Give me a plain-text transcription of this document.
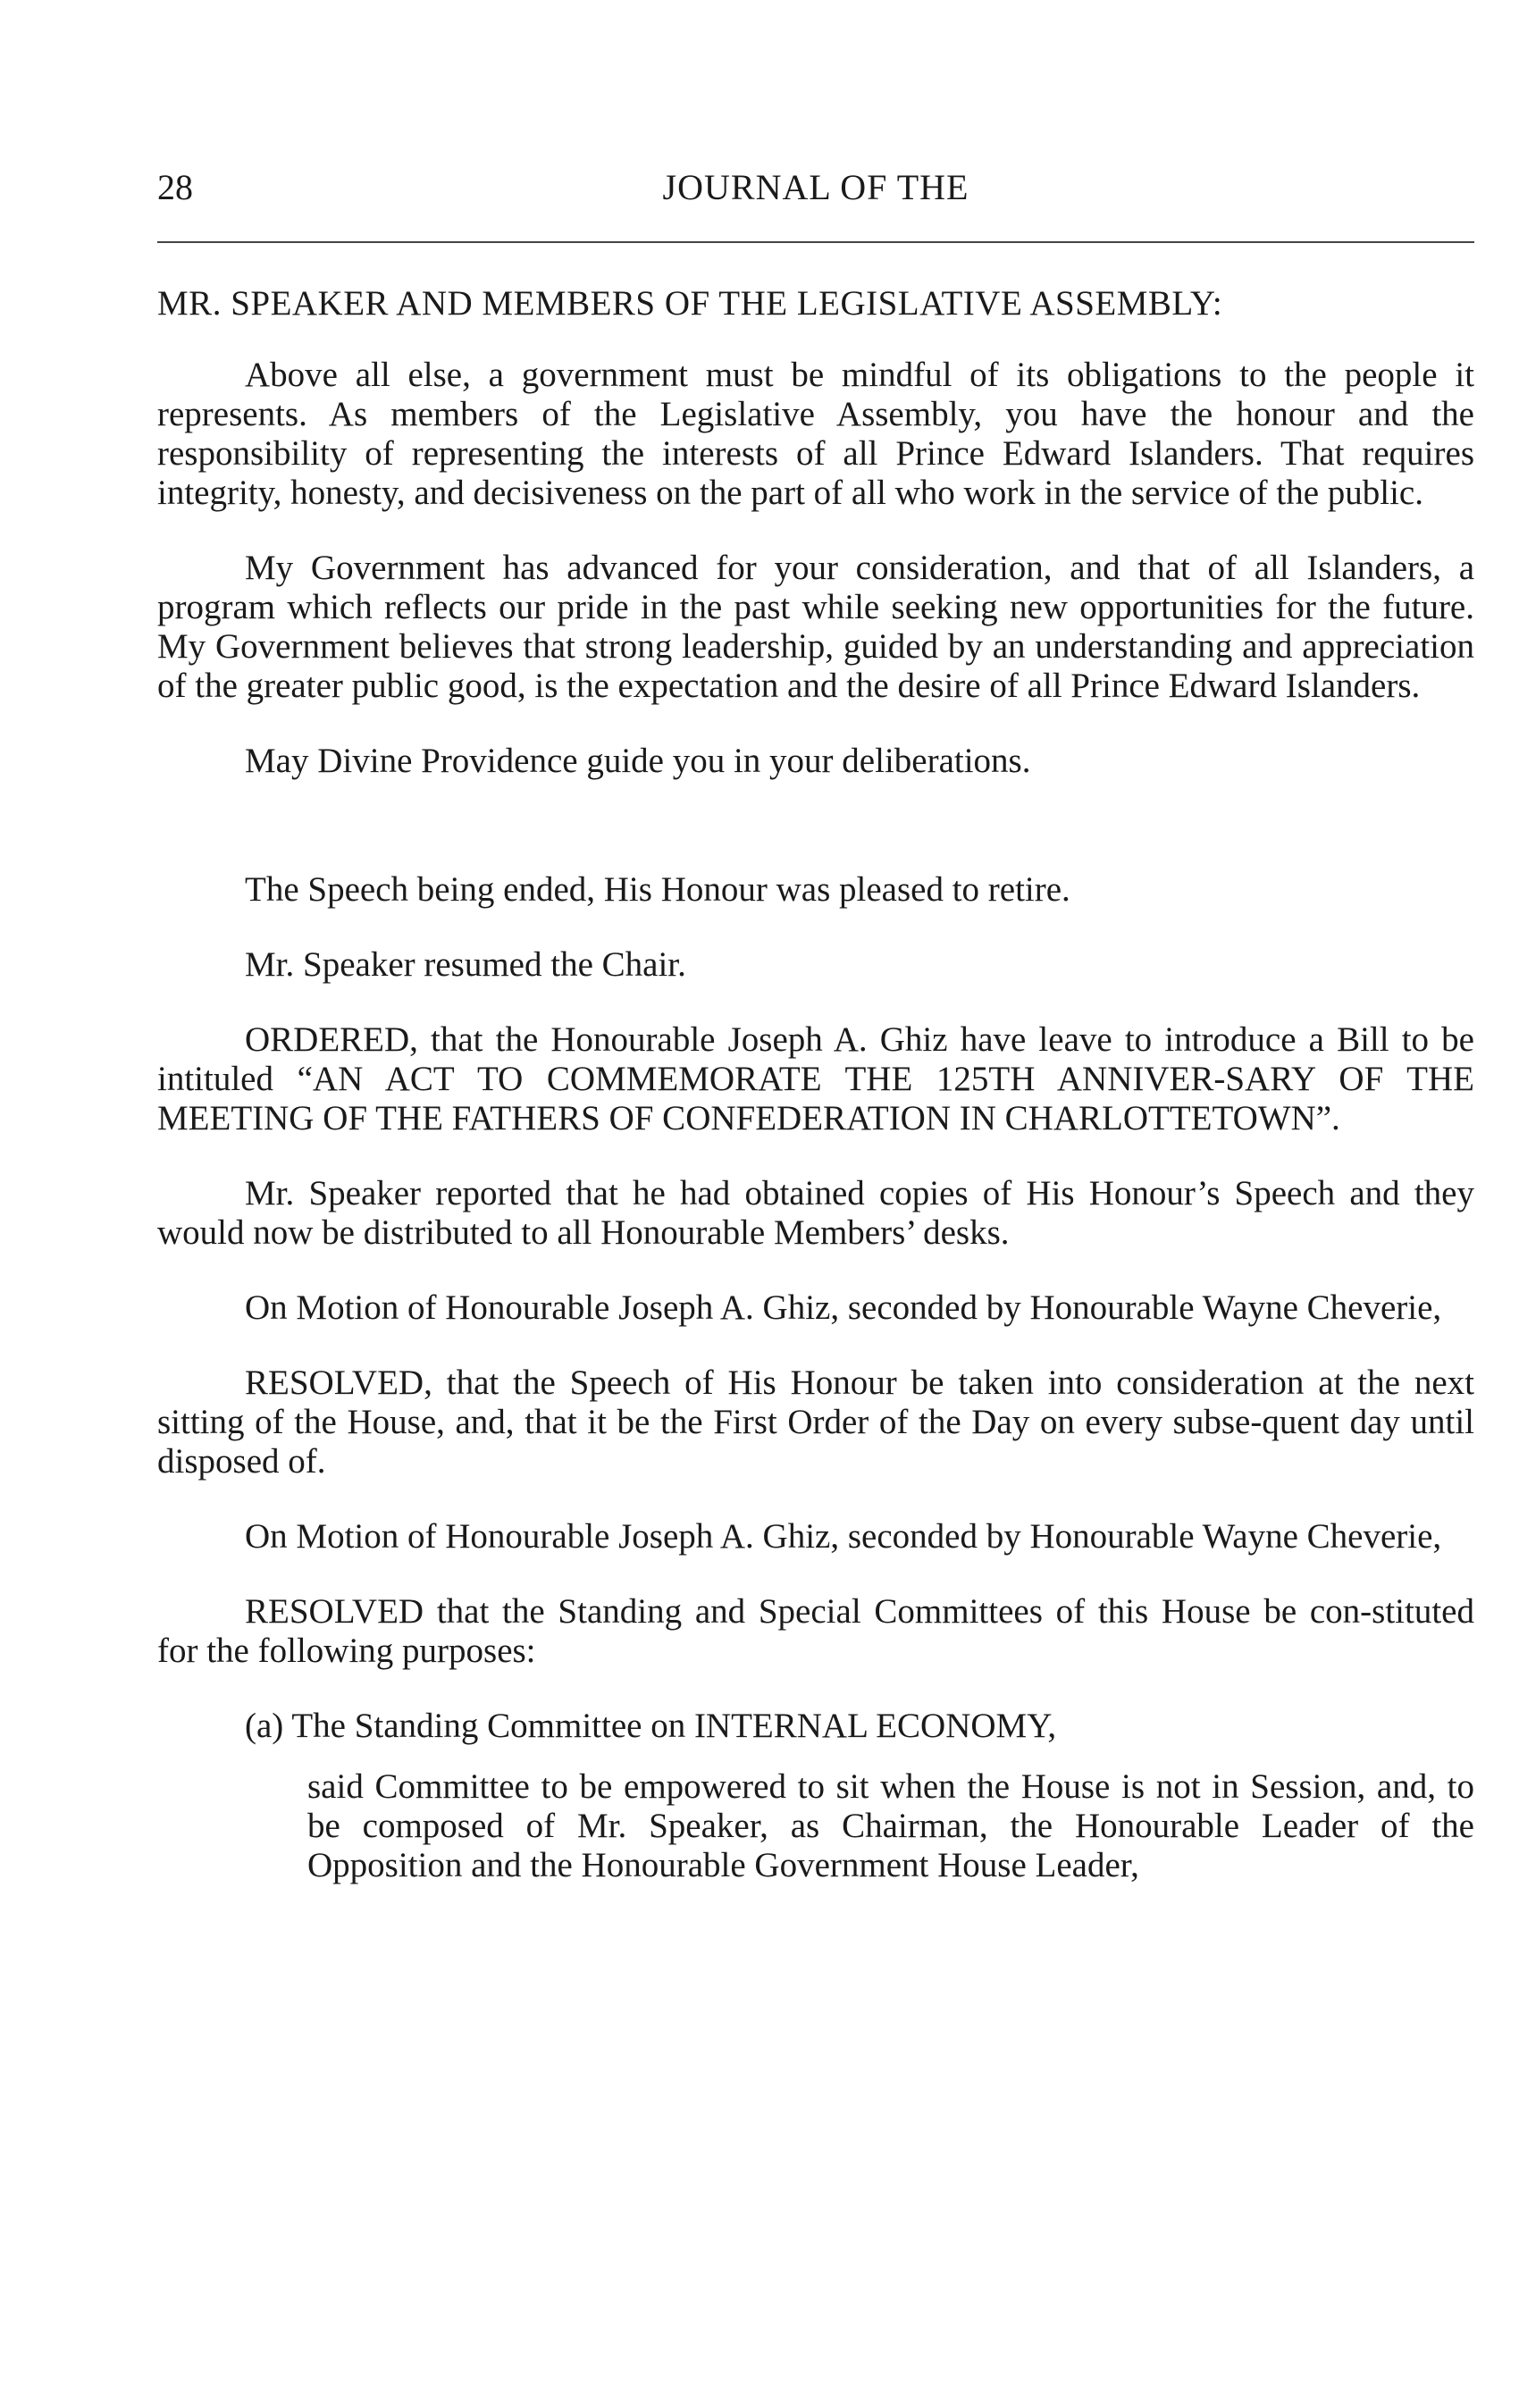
28	JOURNAL OF THE
MR. SPEAKER AND MEMBERS OF THE LEGISLATIVE ASSEMBLY:

Above all else, a government must be mindful of its obligations to the people it represents. As members of the Legislative Assembly, you have the honour and the responsibility of representing the interests of all Prince Edward Islanders. That requires integrity, honesty, and decisiveness on the part of all who work in the service of the public.

My Government has advanced for your consideration, and that of all Islanders, a program which reflects our pride in the past while seeking new opportunities for the future. My Government believes that strong leadership, guided by an understanding and appreciation of the greater public good, is the expectation and the desire of all Prince Edward Islanders.

May Divine Providence guide you in your deliberations.

The Speech being ended, His Honour was pleased to retire.

Mr. Speaker resumed the Chair.

ORDERED, that the Honourable Joseph A. Ghiz have leave to introduce a Bill to be intituled “AN ACT TO COMMEMORATE THE 125TH ANNIVER-SARY OF THE MEETING OF THE FATHERS OF CONFEDERATION IN CHARLOTTETOWN”.

Mr. Speaker reported that he had obtained copies of His Honour’s Speech and they would now be distributed to all Honourable Members’ desks.

On Motion of Honourable Joseph A. Ghiz, seconded by Honourable Wayne Cheverie,

RESOLVED, that the Speech of His Honour be taken into consideration at the next sitting of the House, and, that it be the First Order of the Day on every subse-quent day until disposed of.

On Motion of Honourable Joseph A. Ghiz, seconded by Honourable Wayne Cheverie,

RESOLVED that the Standing and Special Committees of this House be con-stituted for the following purposes:

(a) The Standing Committee on INTERNAL ECONOMY,

said Committee to be empowered to sit when the House is not in Session, and, to be composed of Mr. Speaker, as Chairman, the Honourable Leader of the Opposition and the Honourable Government House Leader,
